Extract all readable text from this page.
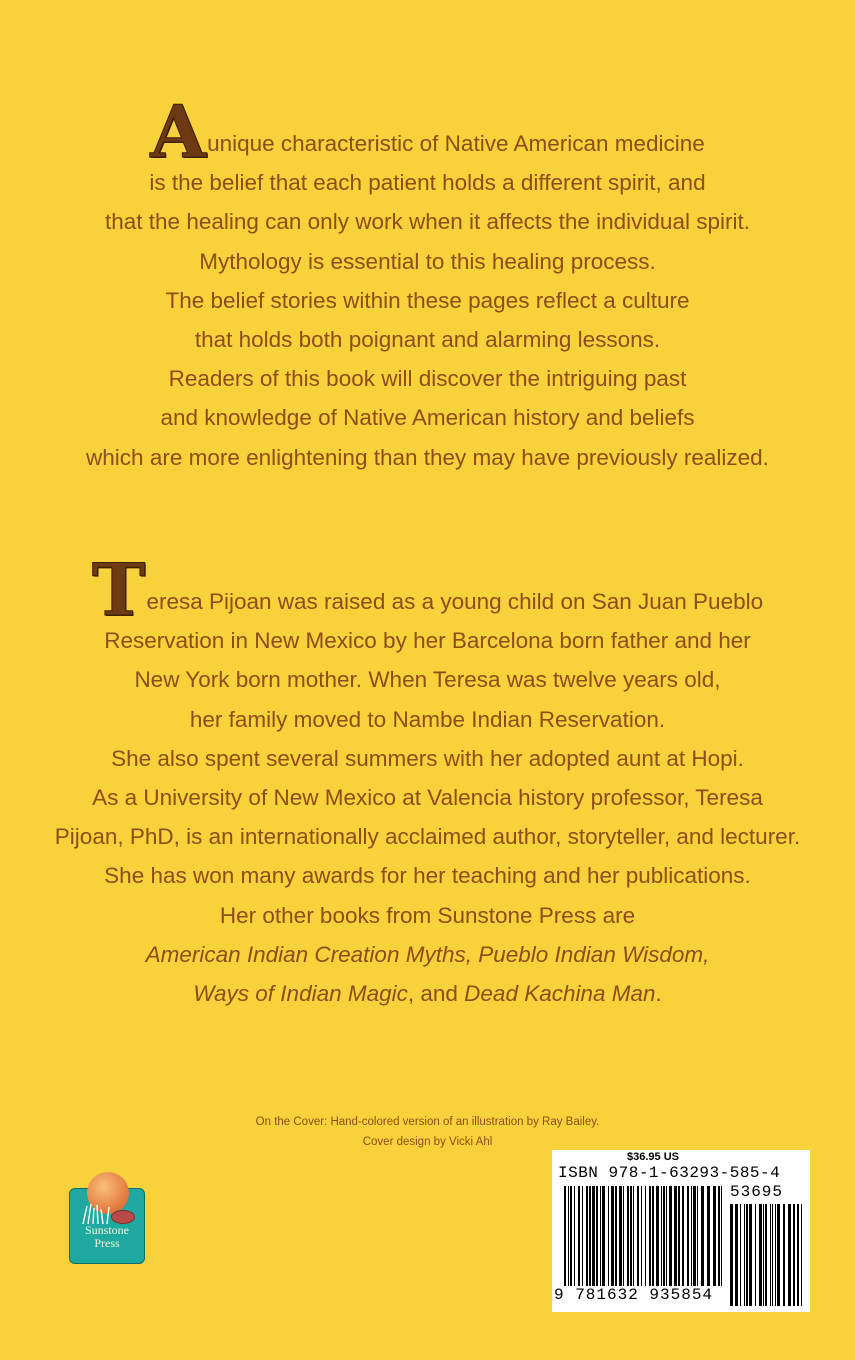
Aunique characteristic of Native American medicine
is the belief that each patient holds a different spirit, and
that the healing can only work when it affects the individual spirit.
Mythology is essential to this healing process.
The belief stories within these pages reflect a culture
that holds both poignant and alarming lessons.
Readers of this book will discover the intriguing past
and knowledge of Native American history and beliefs
which are more enlightening than they may have previously realized.
Teresa Pijoan was raised as a young child on San Juan Pueblo
Reservation in New Mexico by her Barcelona born father and her
New York born mother. When Teresa was twelve years old,
her family moved to Nambe Indian Reservation.
She also spent several summers with her adopted aunt at Hopi.
As a University of New Mexico at Valencia history professor, Teresa
Pijoan, PhD, is an internationally acclaimed author, storyteller, and lecturer.
She has won many awards for her teaching and her publications.
Her other books from Sunstone Press are
American Indian Creation Myths, Pueblo Indian Wisdom,
Ways of Indian Magic, and Dead Kachina Man.
On the Cover: Hand-colored version of an illustration by Ray Bailey.
Cover design by Vicki Ahl
Sunstone
Press
$36.95 US
ISBN 978-1-63293-585-4
53695
9 781632 935854
